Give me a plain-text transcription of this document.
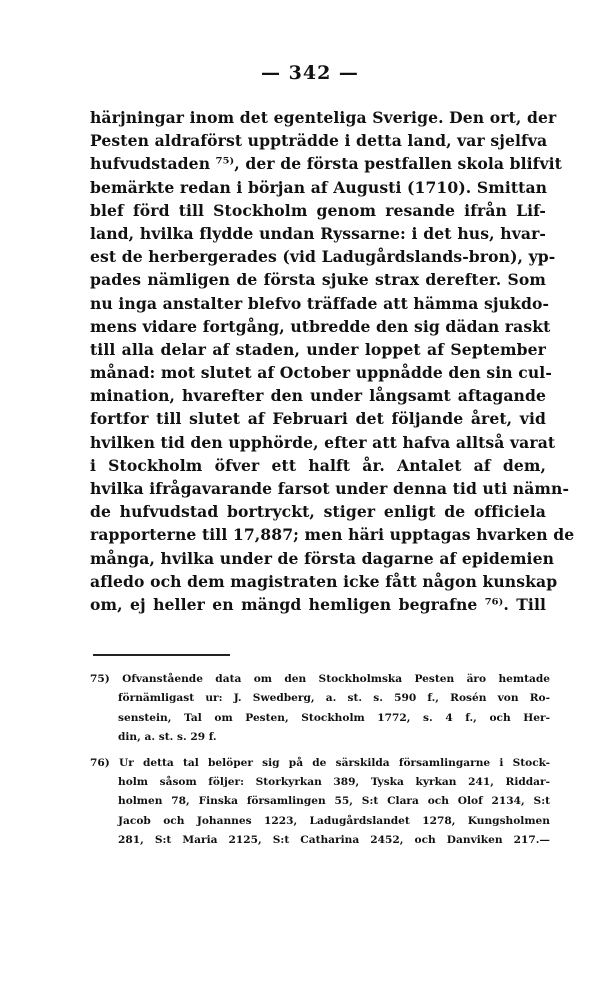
— 342 —
härjningar inom det egenteliga Sverige. Den ort, der
Pesten aldraförst uppträdde i detta land, var sjelfva
hufvudstaden ⁷⁵⁾, der de första pestfallen skola blifvit
bemärkte redan i början af Augusti (1710). Smittan
blef förd till Stockholm genom resande ifrån Lif-
land, hvilka flydde undan Ryssarne: i det hus, hvar-
est de herbergerades (vid Ladugårdslands-bron), yp-
pades nämligen de första sjuke strax derefter. Som
nu inga anstalter blefvo träffade att hämma sjukdo-
mens vidare fortgång, utbredde den sig dädan raskt
till alla delar af staden, under loppet af September
månad: mot slutet af October uppnådde den sin cul-
mination, hvarefter den under långsamt aftagande
fortfor till slutet af Februari det följande året, vid
hvilken tid den upphörde, efter att hafva alltså varat
i Stockholm öfver ett halft år. Antalet af dem,
hvilka ifrågavarande farsot under denna tid uti nämn-
de hufvudstad bortryckt, stiger enligt de officiela
rapporterne till 17,887; men häri upptagas hvarken de
många, hvilka under de första dagarne af epidemien
afledo och dem magistraten icke fått någon kunskap
om, ej heller en mängd hemligen begrafne ⁷⁶⁾. Till
75) Ofvanstående data om den Stockholmska Pesten äro hemtade
förnämligast ur: J. Swedberg, a. st. s. 590 f., Rosén von Ro-
senstein, Tal om Pesten, Stockholm 1772, s. 4 f., och Her-
din, a. st. s. 29 f.
76) Ur detta tal belöper sig på de särskilda församlingarne i Stock-
holm såsom följer: Storkyrkan 389, Tyska kyrkan 241, Riddar-
holmen 78, Finska församlingen 55, S:t Clara och Olof 2134, S:t
Jacob och Johannes 1223, Ladugårdslandet 1278, Kungsholmen
281, S:t Maria 2125, S:t Catharina 2452, och Danviken 217.—
